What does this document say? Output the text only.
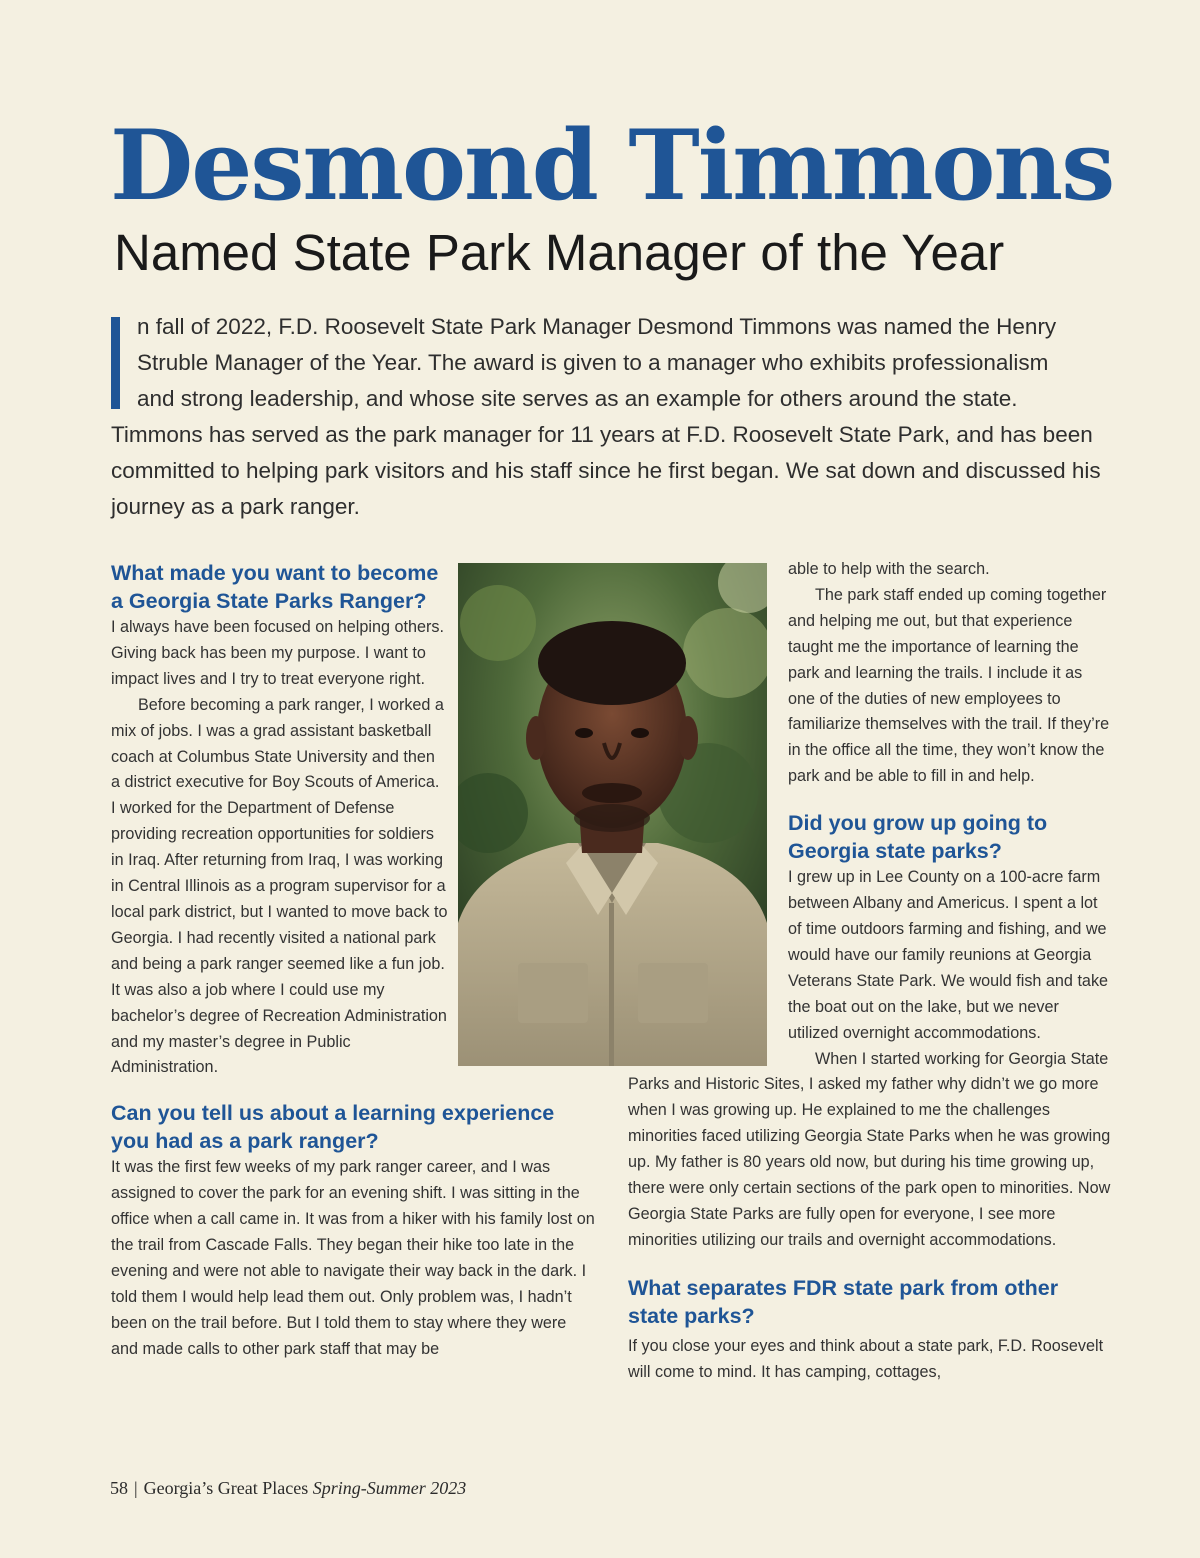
Desmond Timmons
Named State Park Manager of the Year
n fall of 2022, F.D. Roosevelt State Park Manager Desmond Timmons was named the Henry
Struble Manager of the Year. The award is given to a manager who exhibits professionalism
and strong leadership, and whose site serves as an example for others around the state.

Timmons has served as the park manager for 11 years at F.D. Roosevelt State Park, and has been committed to helping park visitors and his staff since he first began. We sat down and discussed his journey as a park ranger.

What made you want to become a Georgia State Parks Ranger?

I always have been focused on helping others. Giving back has been my purpose. I want to impact lives and I try to treat everyone right.

Before becoming a park ranger, I worked a mix of jobs. I was a grad assistant basketball coach at Columbus State University and then a district executive for Boy Scouts of America. I worked for the Department of Defense providing recreation opportunities for soldiers in Iraq. After returning from Iraq, I was working in Central Illinois as a program supervisor for a local park district, but I wanted to move back to Georgia. I had recently visited a national park and being a park ranger seemed like a fun job. It was also a job where I could use my bachelor’s degree of Recreation Administration and my master’s degree in Public Administration.

Can you tell us about a learning experience you had as a park ranger?

It was the first few weeks of my park ranger career, and I was assigned to cover the park for an evening shift. I was sitting in the office when a call came in. It was from a hiker with his family lost on the trail from Cascade Falls. They began their hike too late in the evening and were not able to navigate their way back in the dark. I told them I would help lead them out. Only problem was, I hadn’t been on the trail before. But I told them to stay where they were and made calls to other park staff that may be

able to help with the search.

The park staff ended up coming together and helping me out, but that experience taught me the importance of learning the park and learning the trails. I include it as one of the duties of new employees to familiarize themselves with the trail. If they’re in the office all the time, they won’t know the park and be able to fill in and help.

Did you grow up going to Georgia state parks?

I grew up in Lee County on a 100-acre farm between Albany and Americus. I spent a lot of time outdoors farming and fishing, and we would have our family reunions at Georgia Veterans State Park. We would fish and take the boat out on the lake, but we never utilized overnight accommodations.

When I started working for Georgia State Parks and Historic Sites, I asked my father why didn’t we go more when I was growing up. He explained to me the challenges minorities faced utilizing Georgia State Parks when he was growing up. My father is 80 years old now, but during his time growing up, there were only certain sections of the park open to minorities. Now Georgia State Parks are fully open for everyone, I see more minorities utilizing our trails and overnight accommodations.

What separates FDR state park from other state parks?

If you close your eyes and think about a state park, F.D. Roosevelt will come to mind. It has camping, cottages,

58 | Georgia’s Great Places Spring-Summer 2023
